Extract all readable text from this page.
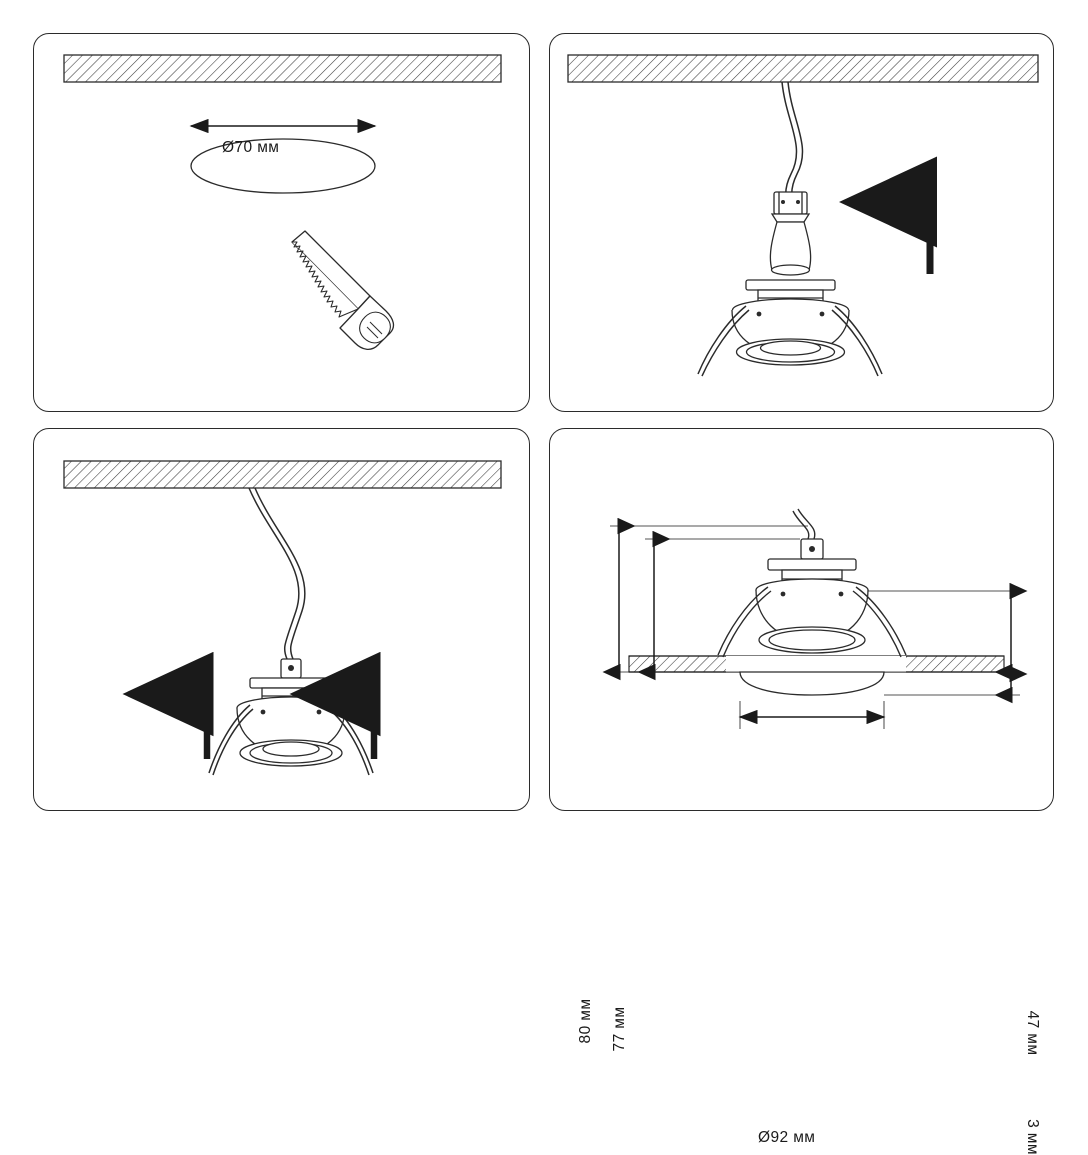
Ø70 мм
80 мм 77 мм	47 мм
3 мм
Ø92 мм
